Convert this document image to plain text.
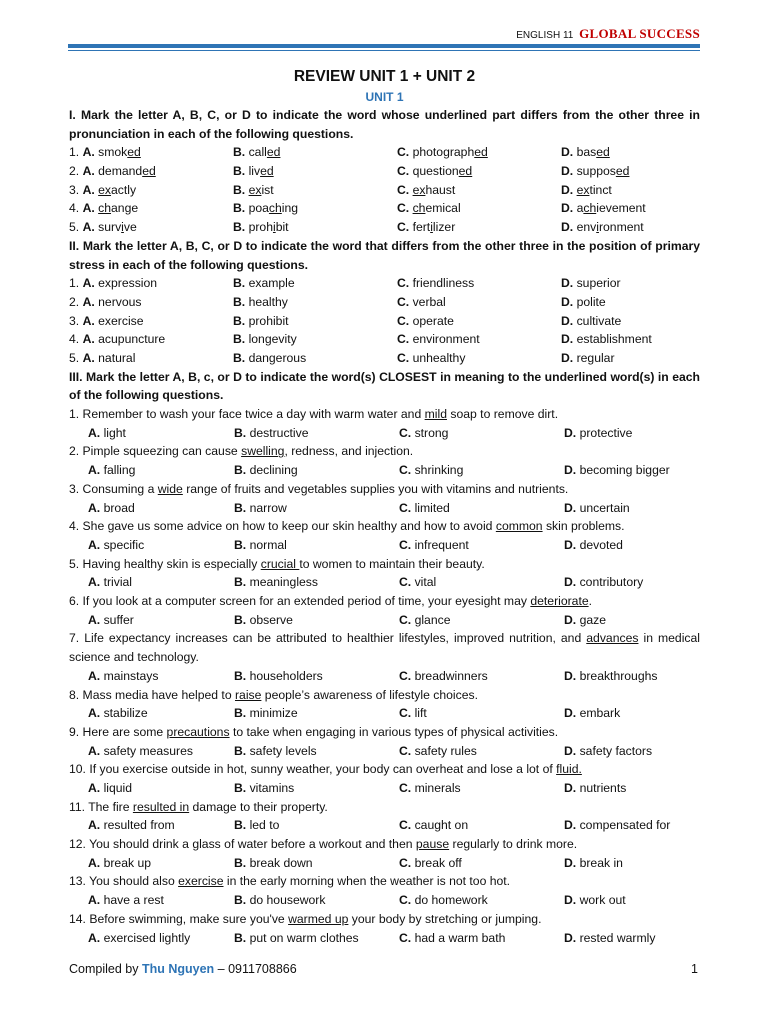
ENGLISH 11 GLOBAL SUCCESS
REVIEW UNIT 1 + UNIT 2
UNIT 1
I. Mark the letter A, B, C, or D to indicate the word whose underlined part differs from the other three in pronunciation in each of the following questions.
1. A. smoked	B. called	C. photographed	D. based
2. A. demanded	B. lived	C. questioned	D. supposed
3. A. exactly	B. exist	C. exhaust	D. extinct
4. A. change	B. poaching	C. chemical	D. achievement
5. A. survive	B. prohibit	C. fertilizer	D. environment
II. Mark the letter A, B, C, or D to indicate the word that differs from the other three in the position of primary stress in each of the following questions.
1. A. expression	B. example	C. friendliness	D. superior
2. A. nervous	B. healthy	C. verbal	D. polite
3. A. exercise	B. prohibit	C. operate	D. cultivate
4. A. acupuncture	B. longevity	C. environment	D. establishment
5. A. natural	B. dangerous	C. unhealthy	D. regular
III. Mark the letter A, B, c, or D to indicate the word(s) CLOSEST in meaning to the underlined word(s) in each of the following questions.
1. Remember to wash your face twice a day with warm water and mild soap to remove dirt.
A. light	B. destructive	C. strong	D. protective
2. Pimple squeezing can cause swelling, redness, and injection.
A. falling	B. declining	C. shrinking	D. becoming bigger
3. Consuming a wide range of fruits and vegetables supplies you with vitamins and nutrients.
A. broad	B. narrow	C. limited	D. uncertain
4. She gave us some advice on how to keep our skin healthy and how to avoid common skin problems.
A. specific	B. normal	C. infrequent	D. devoted
5. Having healthy skin is especially crucial to women to maintain their beauty.
A. trivial	B. meaningless	C. vital	D. contributory
6. If you look at a computer screen for an extended period of time, your eyesight may deteriorate.
A. suffer	B. observe	C. glance	D. gaze
7. Life expectancy increases can be attributed to healthier lifestyles, improved nutrition, and advances in medical science and technology.
A. mainstays	B. householders	C. breadwinners	D. breakthroughs
8. Mass media have helped to raise people’s awareness of lifestyle choices.
A. stabilize	B. minimize	C. lift	D. embark
9. Here are some precautions to take when engaging in various types of physical activities.
A. safety measures	B. safety levels	C. safety rules	D. safety factors
10. If you exercise outside in hot, sunny weather, your body can overheat and lose a lot of fluid.
A. liquid	B. vitamins	C. minerals	D. nutrients
11. The fire resulted in damage to their property.
A. resulted from	B. led to	C. caught on	D. compensated for
12. You should drink a glass of water before a workout and then pause regularly to drink more.
A. break up	B. break down	C. break off	D. break in
13. You should also exercise in the early morning when the weather is not too hot.
A. have a rest	B. do housework	C. do homework	D. work out
14. Before swimming, make sure you've warmed up your body by stretching or jumping.
A. exercised lightly	B. put on warm clothes	C. had a warm bath	D. rested warmly
Compiled by Thu Nguyen – 0911708866	1
